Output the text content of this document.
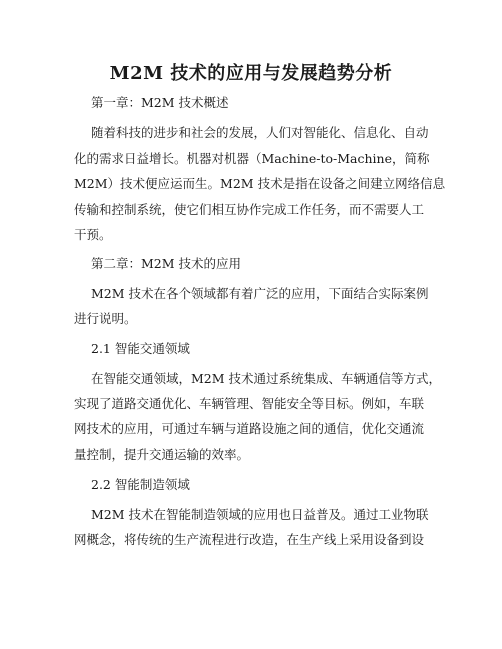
M2M 技术的应用与发展趋势分析
第一章：M2M 技术概述
随着科技的进步和社会的发展，人们对智能化、信息化、自动
化的需求日益增长。机器对机器（Machine-to-Machine，简称
M2M）技术便应运而生。M2M 技术是指在设备之间建立网络信息
传输和控制系统，使它们相互协作完成工作任务，而不需要人工
干预。
第二章：M2M 技术的应用
M2M 技术在各个领域都有着广泛的应用，下面结合实际案例
进行说明。
2.1 智能交通领域
在智能交通领域，M2M 技术通过系统集成、车辆通信等方式，
实现了道路交通优化、车辆管理、智能安全等目标。例如，车联
网技术的应用，可通过车辆与道路设施之间的通信，优化交通流
量控制，提升交通运输的效率。
2.2 智能制造领域
M2M 技术在智能制造领域的应用也日益普及。通过工业物联
网概念，将传统的生产流程进行改造，在生产线上采用设备到设
